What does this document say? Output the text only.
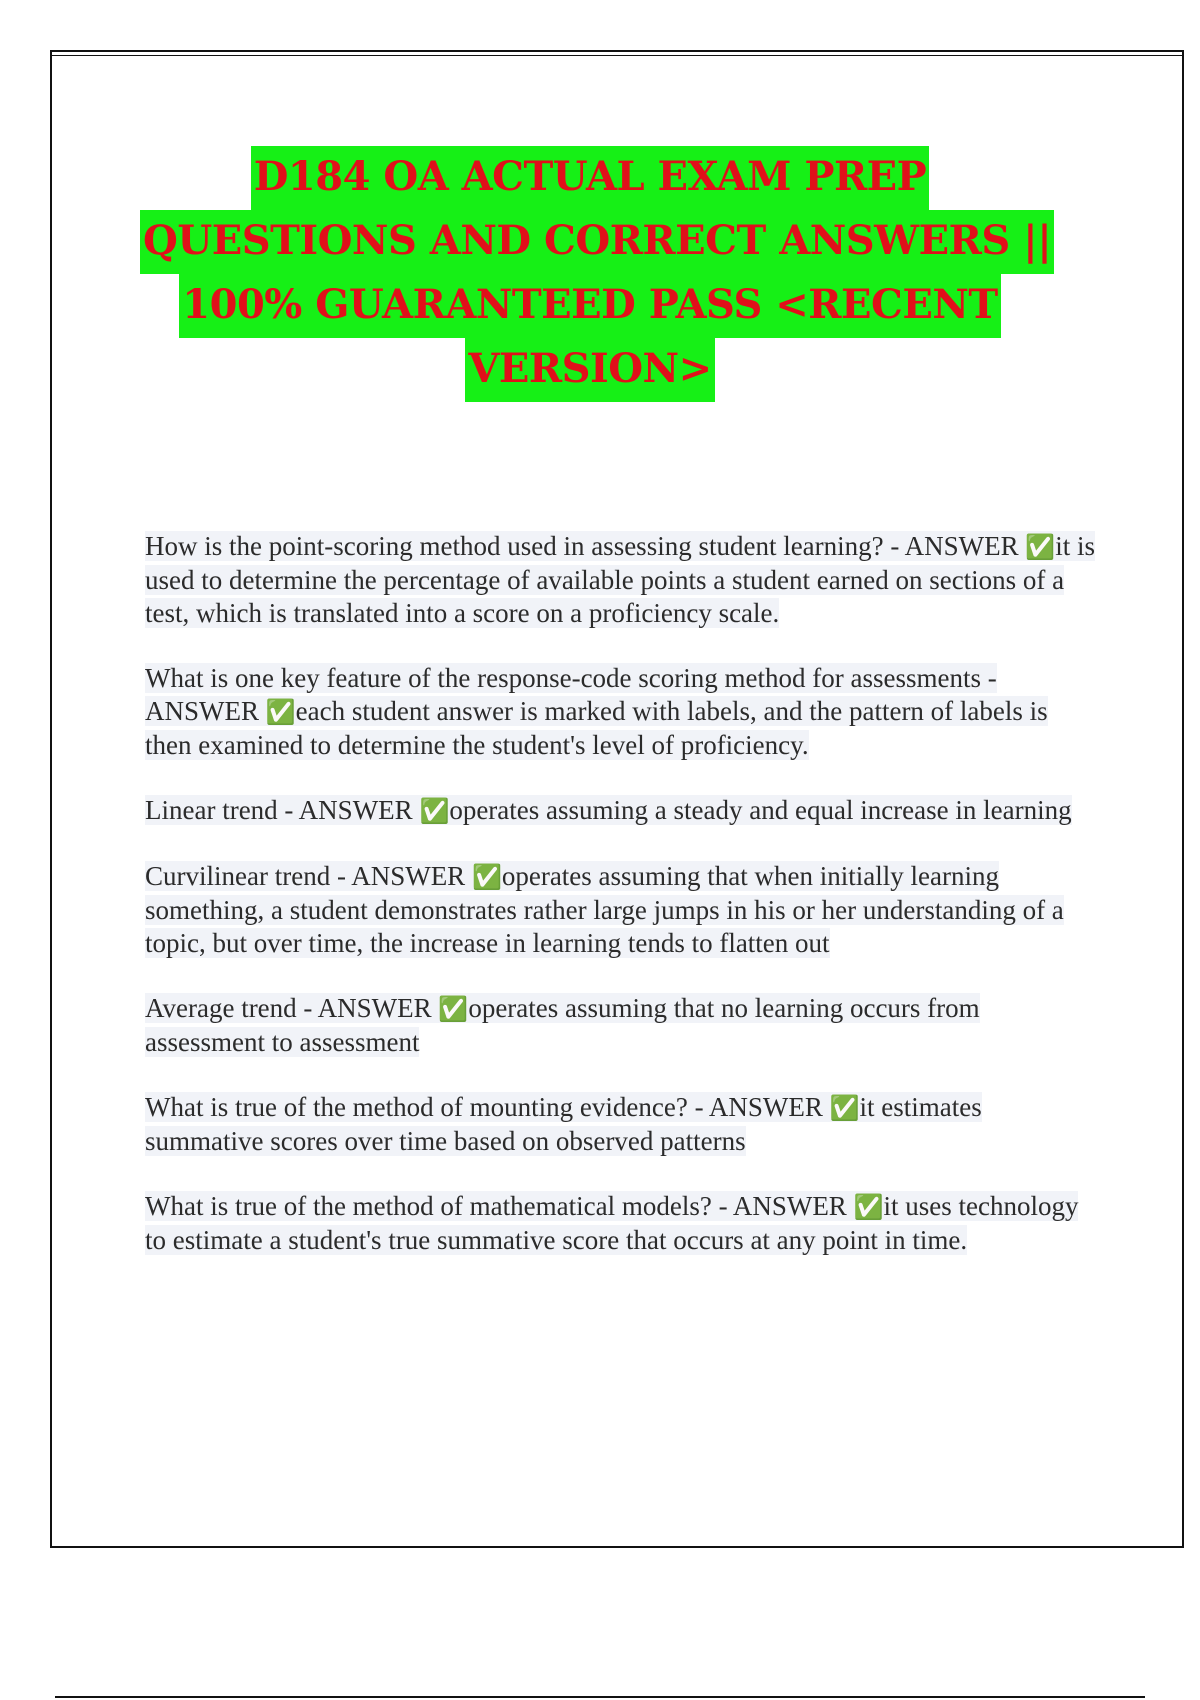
D184 OA ACTUAL EXAM PREP
QUESTIONS AND CORRECT ANSWERS ||
100% GUARANTEED PASS <RECENT
VERSION>
How is the point-scoring method used in assessing student learning? - ANSWER ✅it is used to determine the percentage of available points a student earned on sections of a test, which is translated into a score on a proficiency scale.
What is one key feature of the response-code scoring method for assessments - ANSWER ✅each student answer is marked with labels, and the pattern of labels is then examined to determine the student's level of proficiency.
Linear trend - ANSWER ✅operates assuming a steady and equal increase in learning
Curvilinear trend - ANSWER ✅operates assuming that when initially learning something, a student demonstrates rather large jumps in his or her understanding of a topic, but over time, the increase in learning tends to flatten out
Average trend - ANSWER ✅operates assuming that no learning occurs from assessment to assessment
What is true of the method of mounting evidence? - ANSWER ✅it estimates summative scores over time based on observed patterns
What is true of the method of mathematical models? - ANSWER ✅it uses technology to estimate a student's true summative score that occurs at any point in time.
